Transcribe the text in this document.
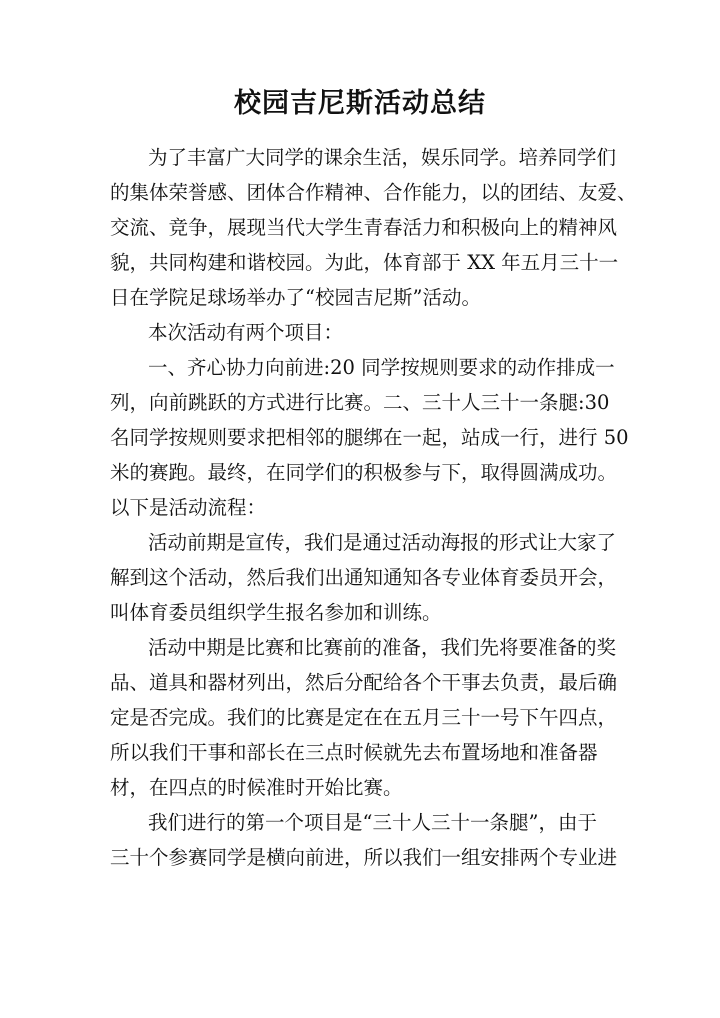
校园吉尼斯活动总结
为了丰富广大同学的课余生活，娱乐同学。培养同学们
的集体荣誉感、团体合作精神、合作能力，以的团结、友爱、
交流、竞争，展现当代大学生青春活力和积极向上的精神风
貌，共同构建和谐校园。为此，体育部于 XX 年五月三十一
日在学院足球场举办了“校园吉尼斯”活动。
本次活动有两个项目：
一、齐心协力向前进:20 同学按规则要求的动作排成一
列，向前跳跃的方式进行比赛。二、三十人三十一条腿:30
名同学按规则要求把相邻的腿绑在一起，站成一行，进行 50
米的赛跑。最终，在同学们的积极参与下，取得圆满成功。
以下是活动流程：
活动前期是宣传，我们是通过活动海报的形式让大家了
解到这个活动，然后我们出通知通知各专业体育委员开会，
叫体育委员组织学生报名参加和训练。
活动中期是比赛和比赛前的准备，我们先将要准备的奖
品、道具和器材列出，然后分配给各个干事去负责，最后确
定是否完成。我们的比赛是定在在五月三十一号下午四点，
所以我们干事和部长在三点时候就先去布置场地和准备器
材，在四点的时候准时开始比赛。
我们进行的第一个项目是“三十人三十一条腿”，由于
三十个参赛同学是横向前进，所以我们一组安排两个专业进
